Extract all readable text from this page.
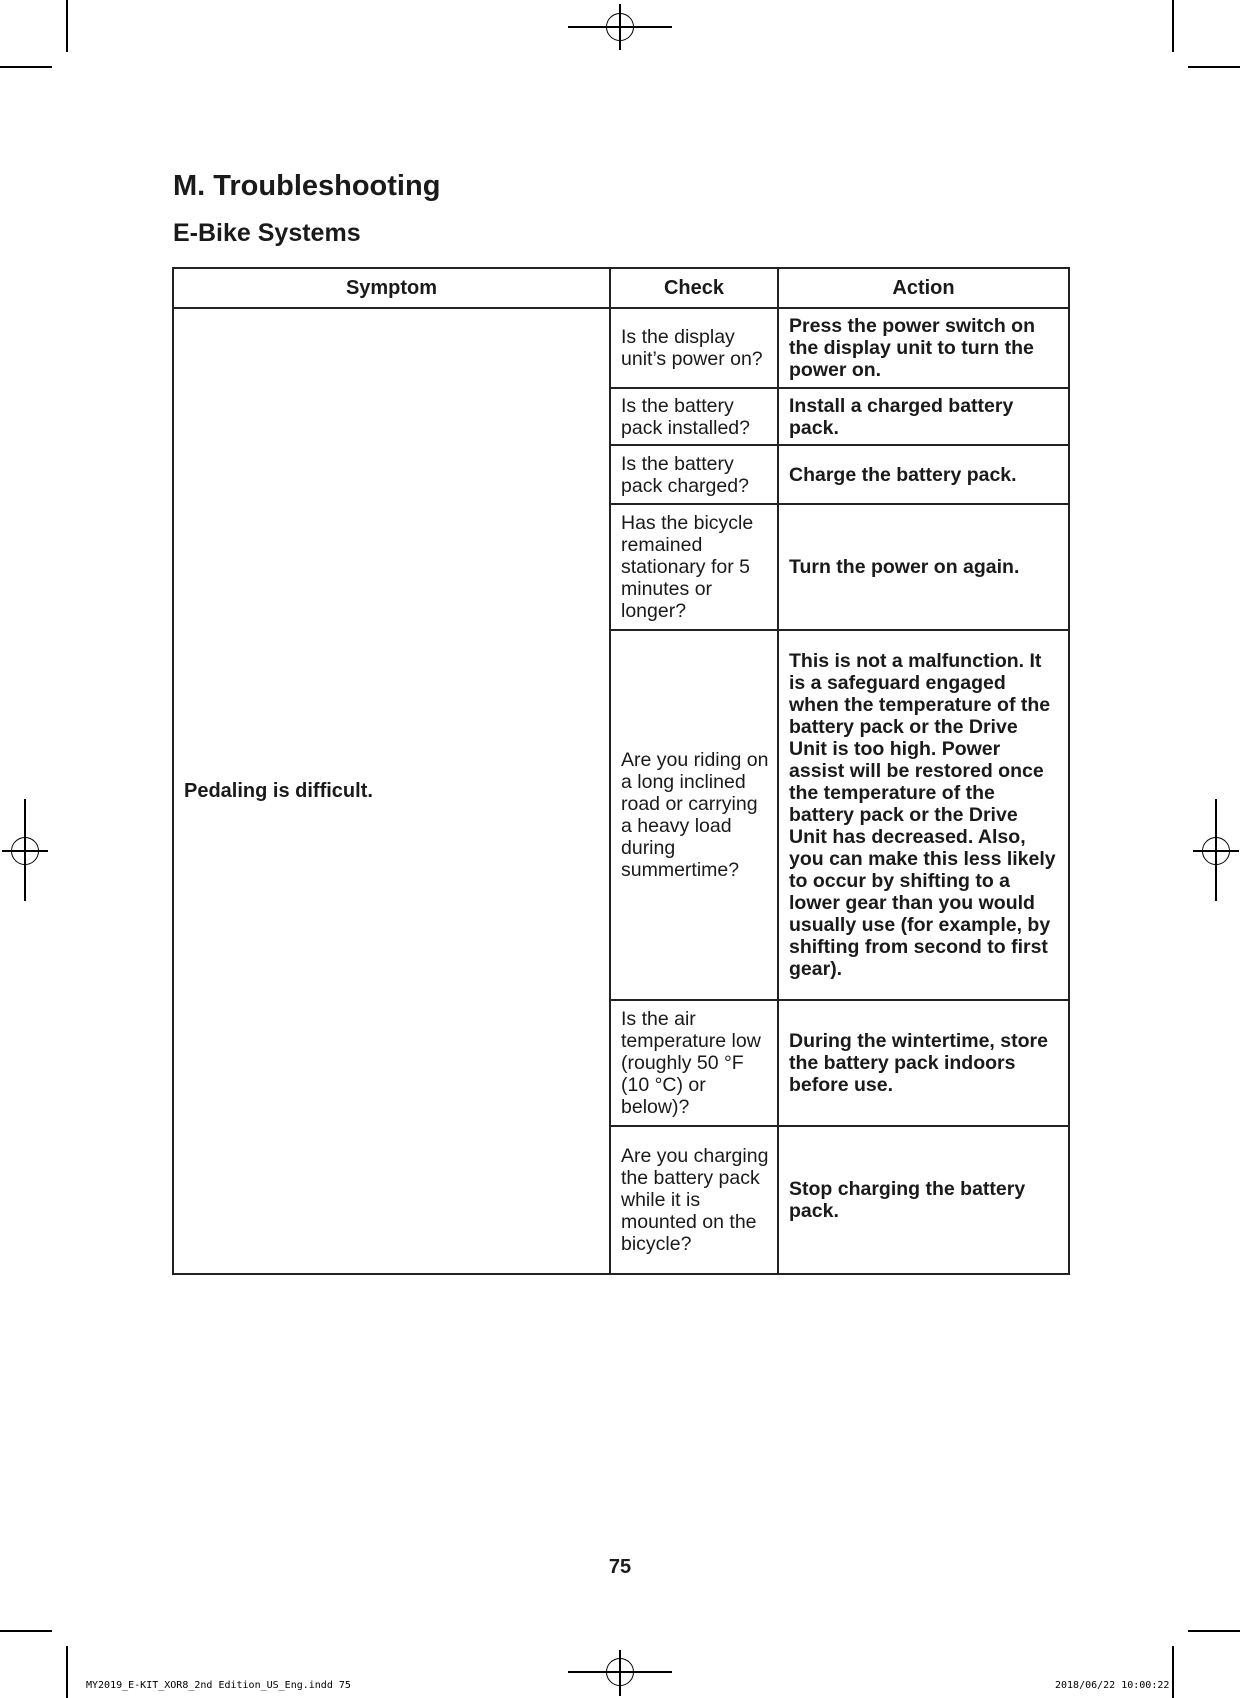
M. Troubleshooting
E-Bike Systems
Symptom	Check	Action
Pedaling is difficult.	Is the display unit’s power on?	Press the power switch on the display unit to turn the power on.
	Is the battery pack installed?	Install a charged battery pack.
	Is the battery pack charged?	Charge the battery pack.
	Has the bicycle remained stationary for 5 minutes or longer?	Turn the power on again.
	Are you riding on a long inclined road or carrying a heavy load during summertime?	This is not a malfunction. It is a safeguard engaged when the temperature of the battery pack or the Drive Unit is too high. Power assist will be restored once the temperature of the battery pack or the Drive Unit has decreased. Also, you can make this less likely to occur by shifting to a lower gear than you would usually use (for example, by shifting from second to first gear).
	Is the air temperature low (roughly 50 °F (10 °C) or below)?	During the wintertime, store the battery pack indoors before use.
	Are you charging the battery pack while it is mounted on the bicycle?	Stop charging the battery pack.
75
MY2019_E-KIT_XOR8_2nd Edition_US_Eng.indd 75	2018/06/22 10:00:22
